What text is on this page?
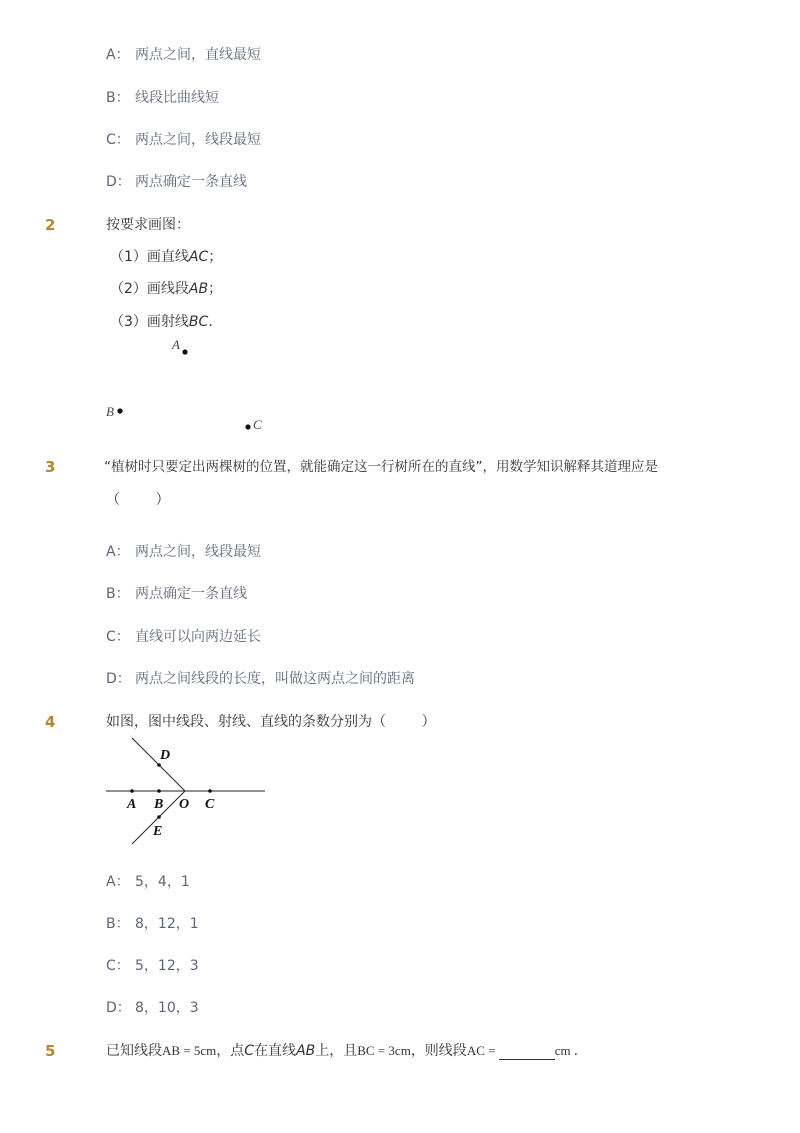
A： 两点之间，直线最短
B： 线段比曲线短
C： 两点之间，线段最短
D： 两点确定一条直线
2	按要求画图：
（1）画直线AC；
（2）画线段AB；
（3）画射线BC.
A
B
C
3	“植树时只要定出两棵树的位置，就能确定这一行树所在的直线”，用数学知识解释其道理应是
（        ）
A： 两点之间，线段最短
B： 两点确定一条直线
C： 直线可以向两边延长
D： 两点之间线段的长度，叫做这两点之间的距离
4	如图，图中线段、射线、直线的条数分别为（        ）
D
A B O C
E
A： 5，4，1
B： 8，12，1
C： 5，12，3
D： 8，10，3
5	已知线段AB = 5cm，点C在直线AB上，且BC = 3cm，则线段AC =	cm .
